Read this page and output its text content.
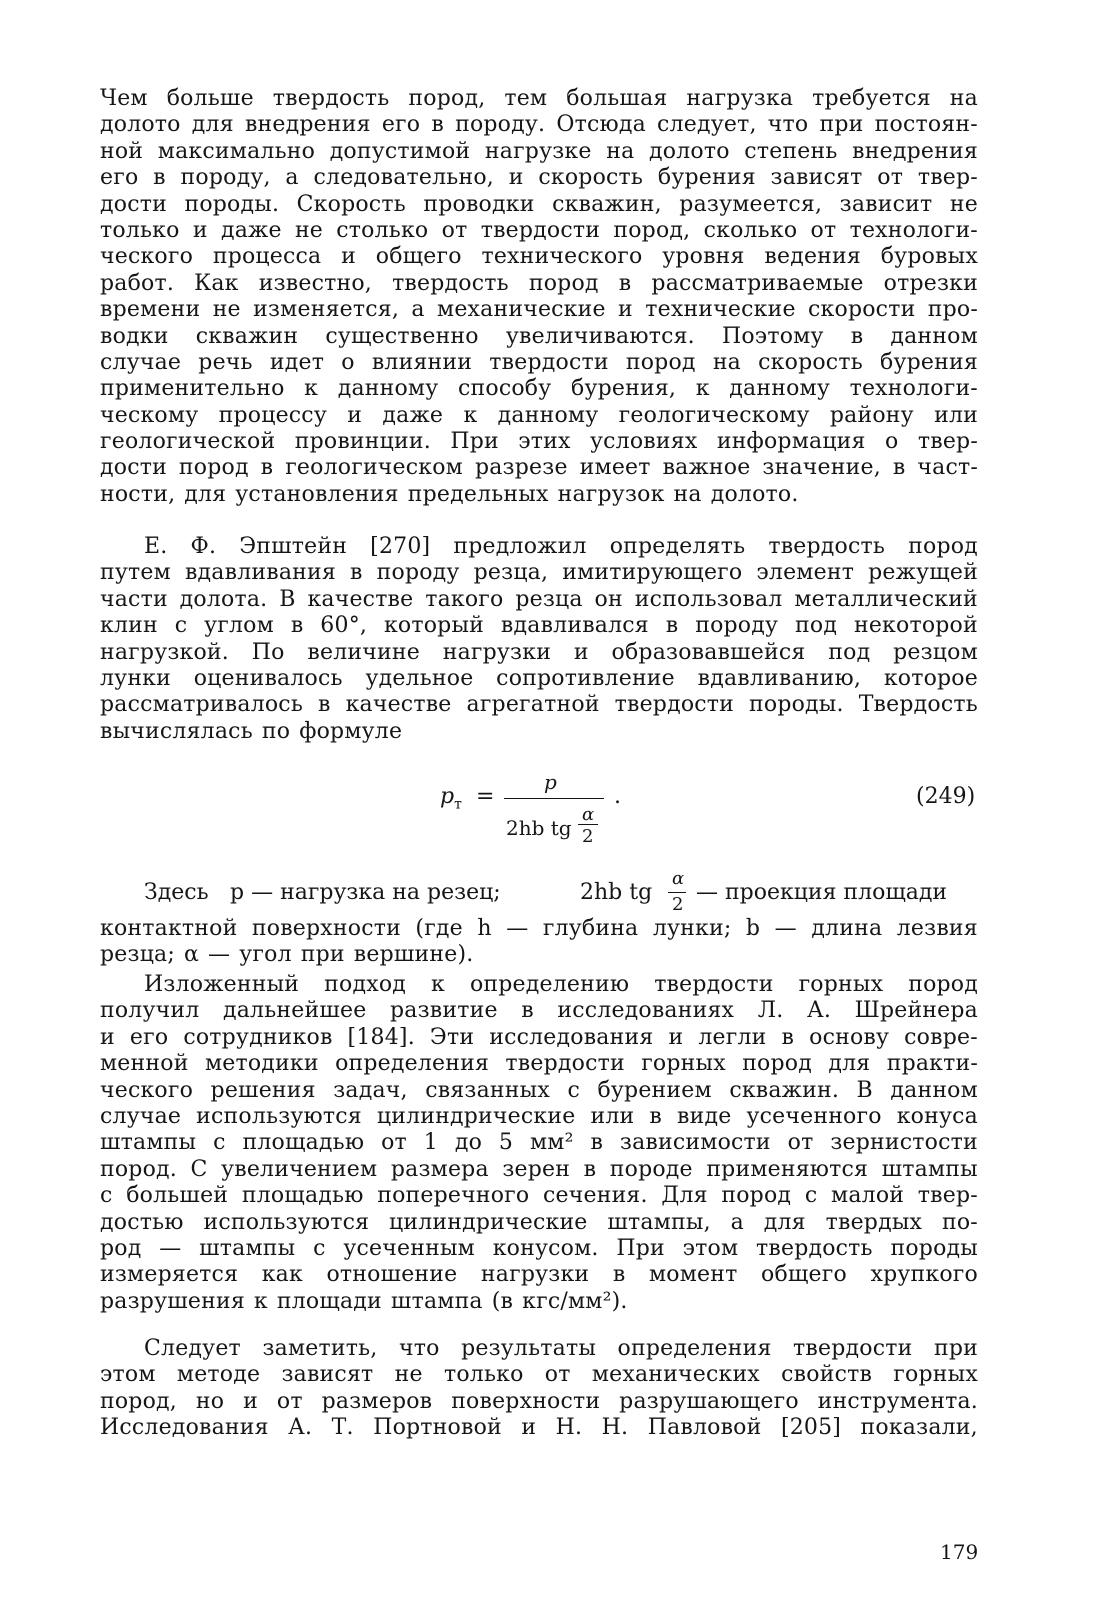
Чем больше твердость пород, тем большая нагрузка требуется на
долото для внедрения его в породу. Отсюда следует, что при постоян-
ной максимально допустимой нагрузке на долото степень внедрения
его в породу, а следовательно, и скорость бурения зависят от твер-
дости породы. Скорость проводки скважин, разумеется, зависит не
только и даже не столько от твердости пород, сколько от технологи-
ческого процесса и общего технического уровня ведения буровых
работ. Как известно, твердость пород в рассматриваемые отрезки
времени не изменяется, а механические и технические скорости про-
водки скважин существенно увеличиваются. Поэтому в данном
случае речь идет о влиянии твердости пород на скорость бурения
применительно к данному способу бурения, к данному технологи-
ческому процессу и даже к данному геологическому району или
геологической провинции. При этих условиях информация о твер-
дости пород в геологическом разрезе имеет важное значение, в част-
ности, для установления предельных нагрузок на долото.
Е. Ф. Эпштейн [270] предложил определять твердость пород
путем вдавливания в породу резца, имитирующего элемент режущей
части долота. В качестве такого резца он использовал металлический
клин с углом в 60°, который вдавливался в породу под некоторой
нагрузкой. По величине нагрузки и образовавшейся под резцом
лунки оценивалось удельное сопротивление вдавливанию, которое
рассматривалось в качестве агрегатной твердости породы. Твердость
вычислялась по формуле
$p_т$ =
p
2hb tg
α
2
.	(249)
Здесь p — нагрузка на резец;	2hb tg
α
2 — проекция площади
контактной поверхности (где h — глубина лунки; b — длина лезвия
резца; α — угол при вершине).
Изложенный подход к определению твердости горных пород
получил дальнейшее развитие в исследованиях Л. А. Шрейнера
и его сотрудников [184]. Эти исследования и легли в основу совре-
менной методики определения твердости горных пород для практи-
ческого решения задач, связанных с бурением скважин. В данном
случае используются цилиндрические или в виде усеченного конуса
штампы с площадью от 1 до 5 мм² в зависимости от зернистости
пород. С увеличением размера зерен в породе применяются штампы
с большей площадью поперечного сечения. Для пород с малой твер-
достью используются цилиндрические штампы, а для твердых по-
род — штампы с усеченным конусом. При этом твердость породы
измеряется как отношение нагрузки в момент общего хрупкого
разрушения к площади штампа (в кгс/мм²).
Следует заметить, что результаты определения твердости при
этом методе зависят не только от механических свойств горных
пород, но и от размеров поверхности разрушающего инструмента.
Исследования А. Т. Портновой и Н. Н. Павловой [205] показали,
179
